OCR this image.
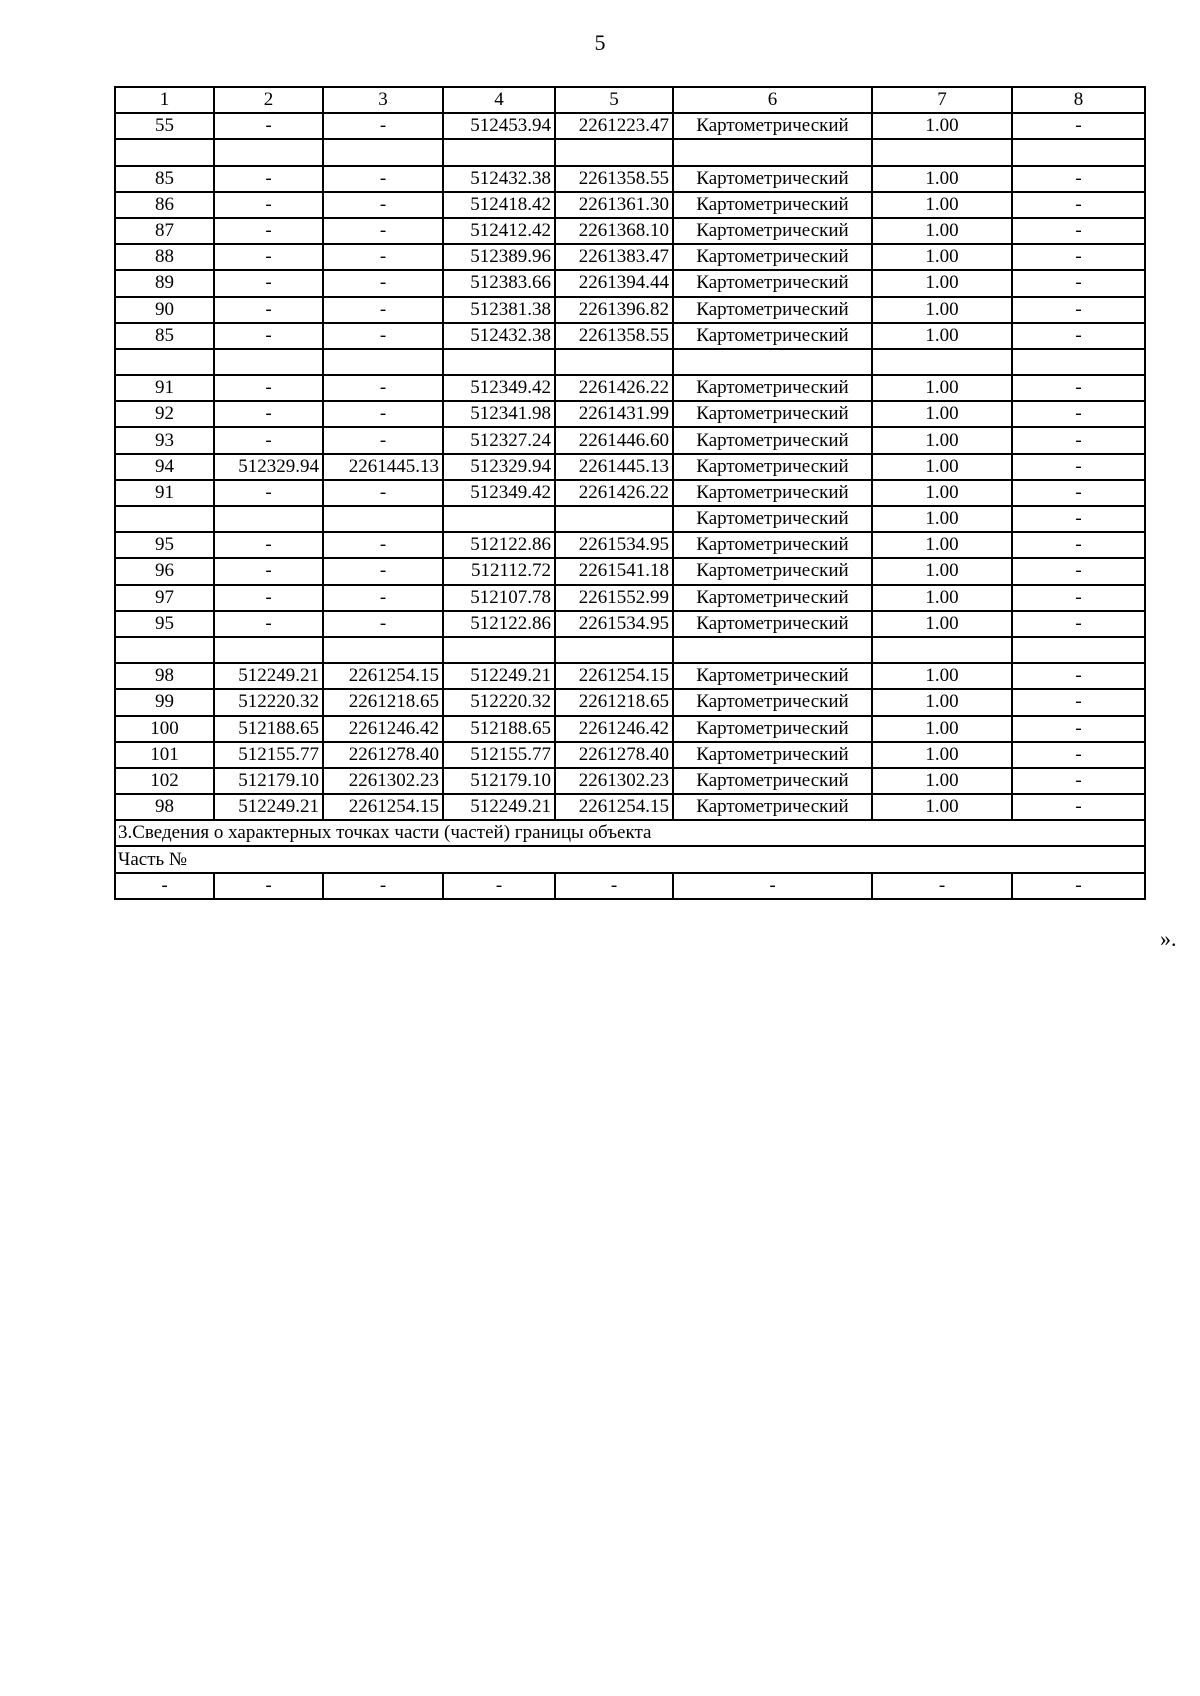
5
1	2	3	4	5	6	7	8
55	-	-	512453.94	2261223.47	Картометрический	1.00	-

85	-	-	512432.38	2261358.55	Картометрический	1.00	-
86	-	-	512418.42	2261361.30	Картометрический	1.00	-
87	-	-	512412.42	2261368.10	Картометрический	1.00	-
88	-	-	512389.96	2261383.47	Картометрический	1.00	-
89	-	-	512383.66	2261394.44	Картометрический	1.00	-
90	-	-	512381.38	2261396.82	Картометрический	1.00	-
85	-	-	512432.38	2261358.55	Картометрический	1.00	-

91	-	-	512349.42	2261426.22	Картометрический	1.00	-
92	-	-	512341.98	2261431.99	Картометрический	1.00	-
93	-	-	512327.24	2261446.60	Картометрический	1.00	-
94	512329.94	2261445.13	512329.94	2261445.13	Картометрический	1.00	-
91	-	-	512349.42	2261426.22	Картометрический	1.00	-
					Картометрический	1.00	-
95	-	-	512122.86	2261534.95	Картометрический	1.00	-
96	-	-	512112.72	2261541.18	Картометрический	1.00	-
97	-	-	512107.78	2261552.99	Картометрический	1.00	-
95	-	-	512122.86	2261534.95	Картометрический	1.00	-

98	512249.21	2261254.15	512249.21	2261254.15	Картометрический	1.00	-
99	512220.32	2261218.65	512220.32	2261218.65	Картометрический	1.00	-
100	512188.65	2261246.42	512188.65	2261246.42	Картометрический	1.00	-
101	512155.77	2261278.40	512155.77	2261278.40	Картометрический	1.00	-
102	512179.10	2261302.23	512179.10	2261302.23	Картометрический	1.00	-
98	512249.21	2261254.15	512249.21	2261254.15	Картометрический	1.00	-
3.Сведения о характерных точках части (частей) границы объекта							
Часть №							
-	-	-	-	-	-	-	-
».
